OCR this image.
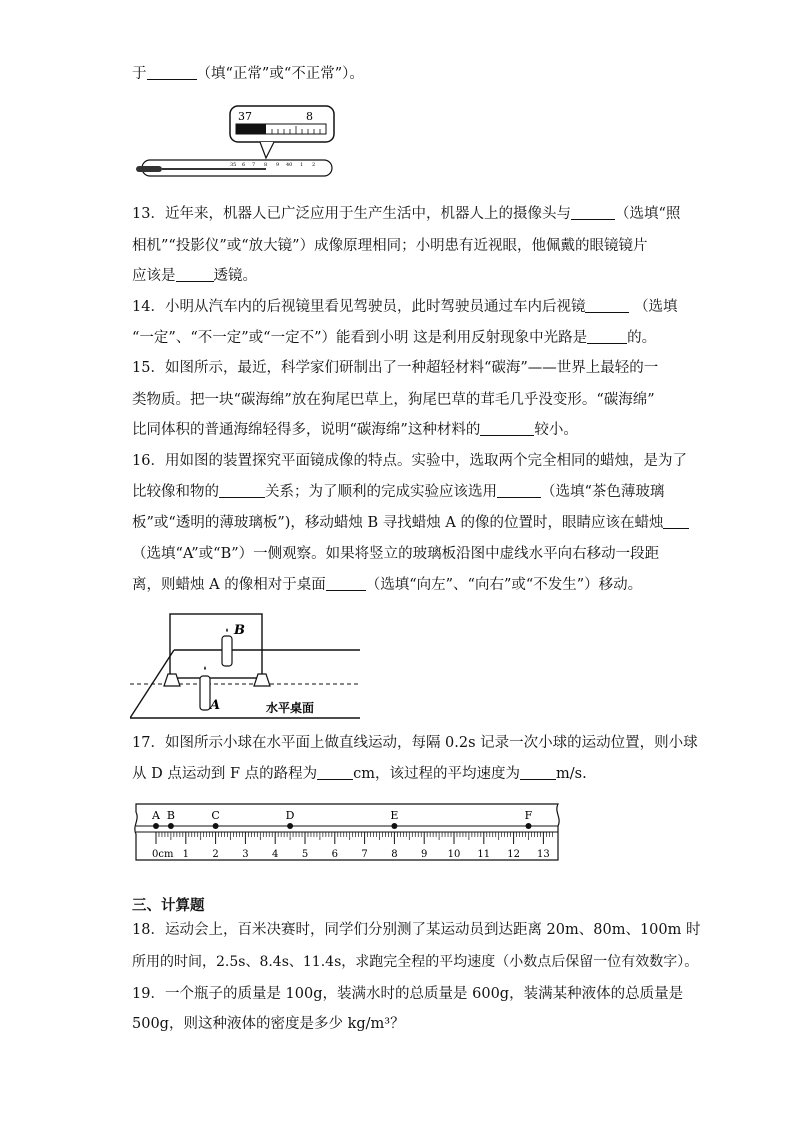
于	（填“正常”或“不正常”）。
37	8
35 6 7 8 9 40 1 2
13．近年来，机器人已广泛应用于生产生活中，机器人上的摄像头与	（选填“照
相机”“投影仪”或“放大镜”）成像原理相同；小明患有近视眼，他佩戴的眼镜镜片
应该是	透镜。
14．小明从汽车内的后视镜里看见驾驶员，此时驾驶员通过车内后视镜	（选填
“一定”、“不一定”或“一定不”）能看到小明 这是利用反射现象中光路是	的。
15．如图所示，最近，科学家们研制出了一种超轻材料“碳海”——世界上最轻的一
类物质。把一块“碳海绵”放在狗尾巴草上，狗尾巴草的茸毛几乎没变形。“碳海绵”
比同体积的普通海绵轻得多，说明“碳海绵”这种材料的	较小。
16．用如图的装置探究平面镜成像的特点。实验中，选取两个完全相同的蜡烛，是为了
比较像和物的	关系；为了顺利的完成实验应该选用	（选填“茶色薄玻璃
板”或“透明的薄玻璃板”)，移动蜡烛 B 寻找蜡烛 A 的像的位置时，眼睛应该在蜡烛
（选填“A”或“B”）一侧观察。如果将竖立的玻璃板沿图中虚线水平向右移动一段距
离，则蜡烛 A 的像相对于桌面	（选填“向左”、“向右”或“不发生”）移动。
B
A	水平桌面
17．如图所示小球在水平面上做直线运动，每隔 0.2s 记录一次小球的运动位置，则小球
从 D 点运动到 F 点的路程为 cm，该过程的平均速度为 m/s.
0cm 1 2 3 4 5 6 7 8 9 10 11 12 13
A B	C	D	E	F
三、计算题
18．运动会上，百米决赛时，同学们分别测了某运动员到达距离 20m、80m、100m 时
所用的时间，2.5s、8.4s、11.4s，求跑完全程的平均速度（小数点后保留一位有效数字）。
19．一个瓶子的质量是 100g，装满水时的总质量是 600g，装满某种液体的总质量是
500g，则这种液体的密度是多少 kg/m³？
